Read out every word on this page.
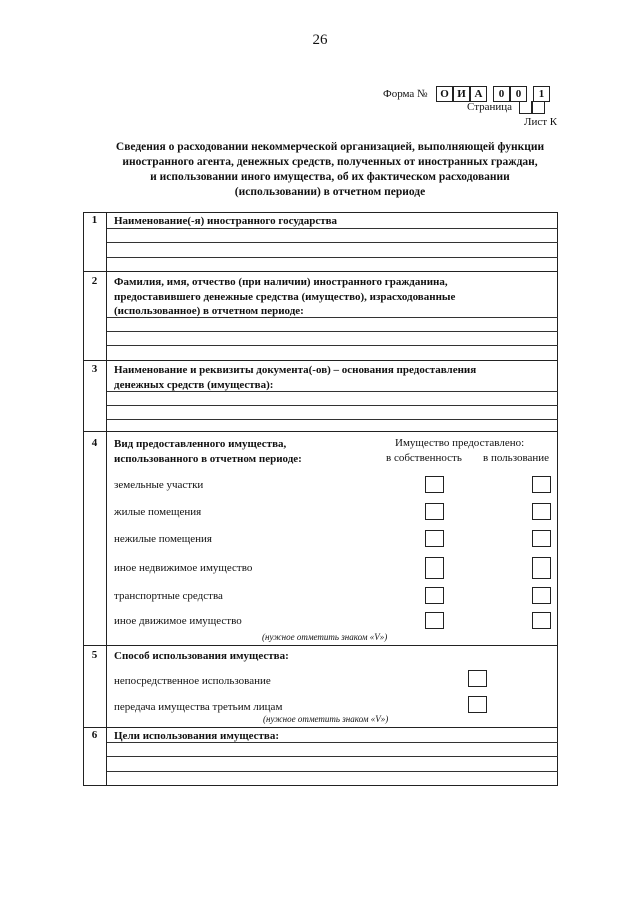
26
Форма №	О И А	0	0	1
Страница
Лист К
Сведения о расходовании некоммерческой организацией, выполняющей функции
иностранного агента, денежных средств, полученных от иностранных граждан,
и использовании иного имущества, об их фактическом расходовании
(использовании) в отчетном периоде
1	Наименование(-я) иностранного государства
2	Фамилия, имя, отчество (при наличии) иностранного гражданина,
предоставившего денежные средства (имущество), израсходованные
(использованное) в отчетном периоде:
3	Наименование и реквизиты документа(-ов) – основания предоставления
денежных средств (имущества):
4	Вид предоставленного имущества,
использованного в отчетном периоде:
Имущество предоставлено:
в собственность в пользование
земельные участки
жилые помещения
нежилые помещения
иное недвижимое имущество
транспортные средства
иное движимое имущество
(нужное отметить знаком «V»)
5	Способ использования имущества:
непосредственное использование
передача имущества третьим лицам
(нужное отметить знаком «V»)
6	Цели использования имущества:
